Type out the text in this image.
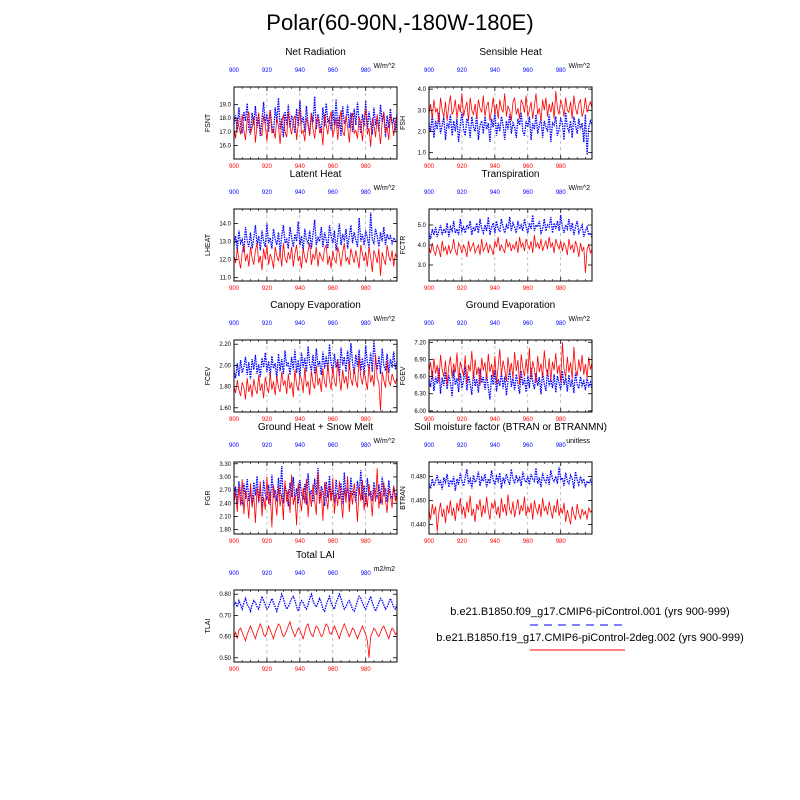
Polar(60-90N,-180W-180E)
Net Radiation
W/m^2
900
900
920
920
940
940
960
960
980
980
16.0
17.0
18.0
19.0
FSNT
Sensible Heat
W/m^2
900
900
920
920
940
940
960
960
980
980
1.0
2.0
3.0
4.0
FSH
Latent Heat
W/m^2
900
900
920
920
940
940
960
960
980
980
11.0
12.0
13.0
14.0
LHEAT
Transpiration
W/m^2
900
900
920
920
940
940
960
960
980
980
3.0
4.0
5.0
FCTR
Canopy Evaporation
W/m^2
900
900
920
920
940
940
960
960
980
980
1.60
1.80
2.00
2.20
FCEV
Ground Evaporation
W/m^2
900
900
920
920
940
940
960
960
980
980
6.00
6.30
6.60
6.90
7.20
FGEV
Ground Heat + Snow Melt
W/m^2
900
900
920
920
940
940
960
960
980
980
1.80
2.10
2.40
2.70
3.00
3.30
FGR
Soil moisture factor (BTRAN or BTRANMN)
unitless
900
900
920
920
940
940
960
960
980
980
0.440
0.460
0.480
BTRAN
Total LAI
m2/m2
900
900
920
920
940
940
960
960
980
980
0.50
0.60
0.70
0.80
TLAI
b.e21.B1850.f09_g17.CMIP6-piControl.001 (yrs 900-999)
b.e21.B1850.f19_g17.CMIP6-piControl-2deg.002 (yrs 900-999)
